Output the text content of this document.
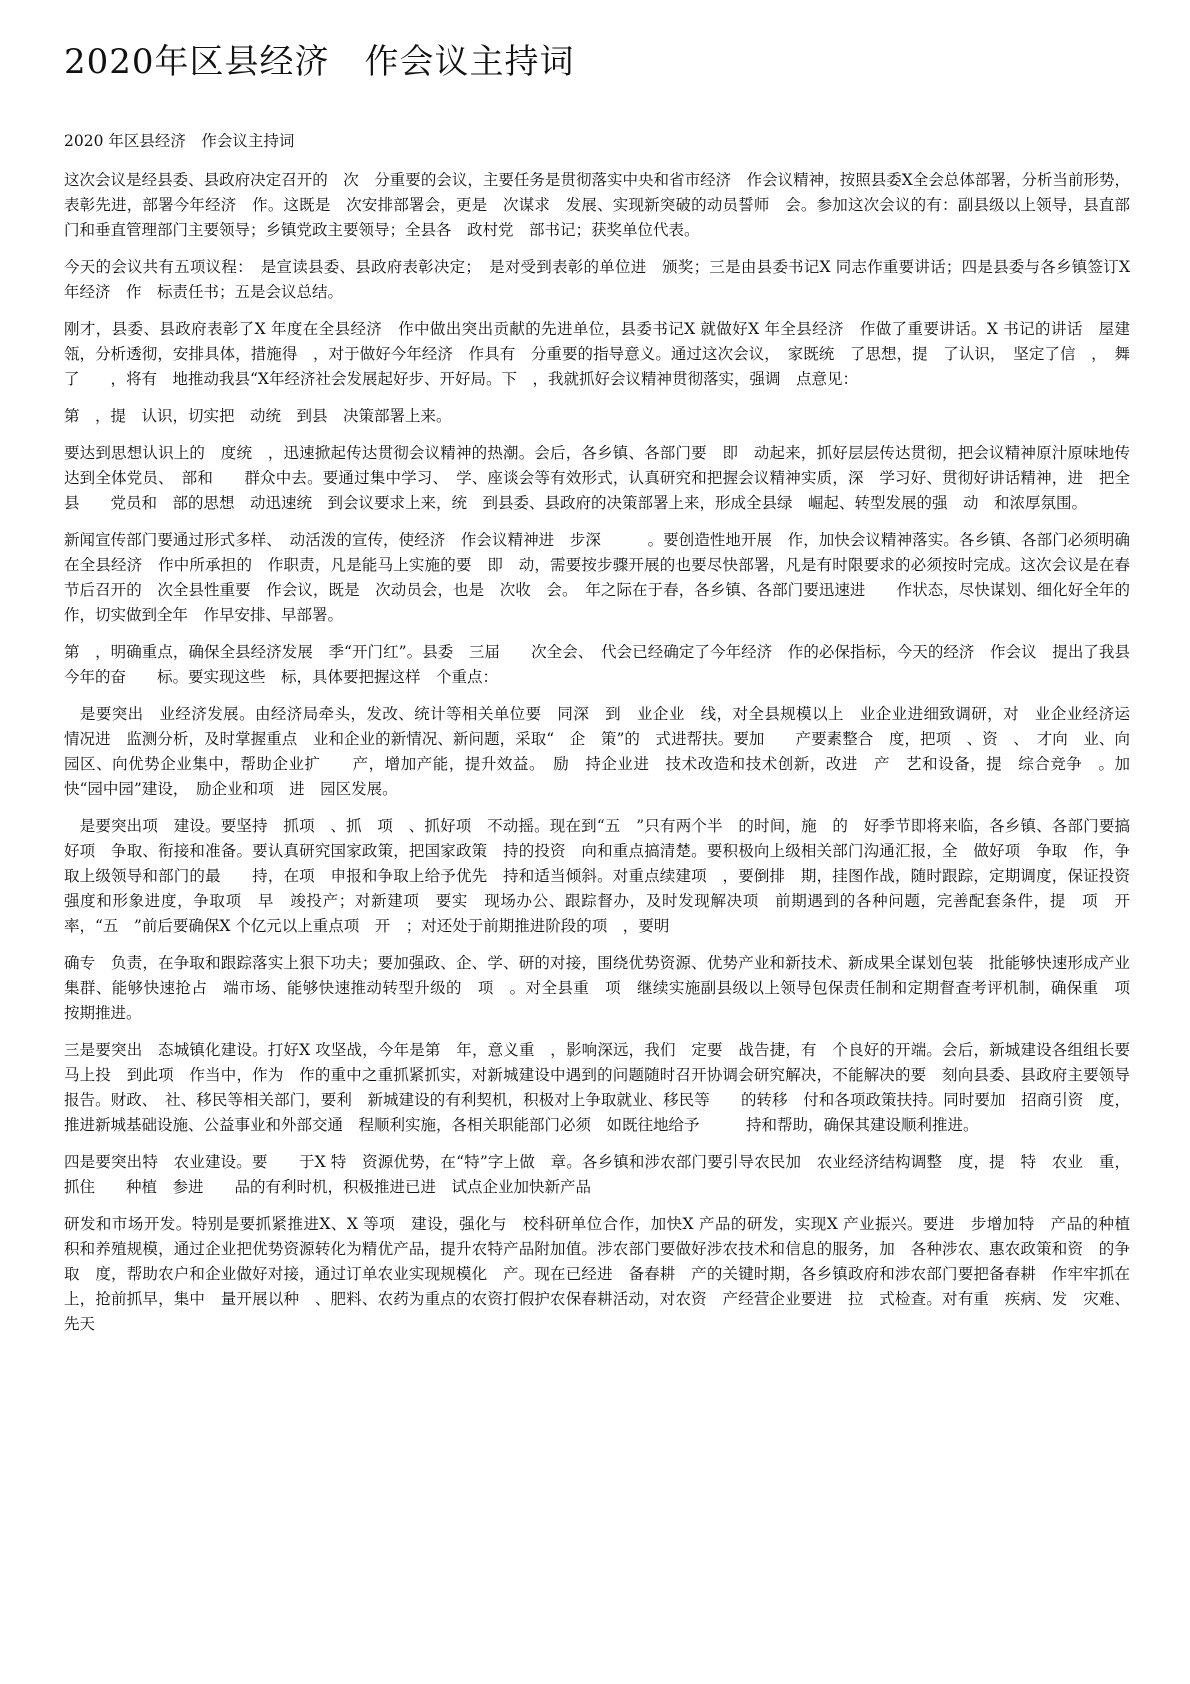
2020年区县经济　作会议主持词

2020 年区县经济　作会议主持词

这次会议是经县委、县政府决定召开的　次　分重要的会议，主要任务是贯彻落实中央和省市经济　作会议精神，按照县委X全会总体部署，分析当前形势，表彰先进，部署今年经济　作。这既是　次安排部署会，更是　次谋求　发展、实现新突破的动员誓师　会。参加这次会议的有：副县级以上领导，县直部门和垂直管理部门主要领导；乡镇党政主要领导；全县各　政村党　部书记；获奖单位代表。

今天的会议共有五项议程：　是宣读县委、县政府表彰决定；　是对受到表彰的单位进　颁奖；三是由县委书记X 同志作重要讲话；四是县委与各乡镇签订X 年经济　作　标责任书；五是会议总结。

刚才，县委、县政府表彰了X 年度在全县经济　作中做出突出贡献的先进单位，县委书记X 就做好X 年全县经济　作做了重要讲话。X 书记的讲话　屋建瓴，分析透彻，安排具体，措施得　，对于做好今年经济　作具有　分重要的指导意义。通过这次会议，　家既统　了思想，提　了认识，　坚定了信　，　舞了　　，将有　地推动我县“X年经济社会发展起好步、开好局。下　，我就抓好会议精神贯彻落实，强调　点意见：

第　，提　认识，切实把　动统　到县　决策部署上来。

要达到思想认识上的　度统　，迅速掀起传达贯彻会议精神的热潮。会后，各乡镇、各部门要　即　动起来，抓好层层传达贯彻，把会议精神原汁原味地传达到全体党员、　部和　　群众中去。要通过集中学习、　学、座谈会等有效形式，认真研究和把握会议精神实质，深　学习好、贯彻好讲话精神，进　把全县　　党员和　部的思想　动迅速统　到会议要求上来，统　到县委、县政府的决策部署上来，形成全县绿　崛起、转型发展的强　动　和浓厚氛围。

新闻宣传部门要通过形式多样、　动活泼的宣传，使经济　作会议精神进　步深　　　。要创造性地开展　作，加快会议精神落实。各乡镇、各部门必须明确　　在全县经济　作中所承担的　作职责，凡是能马上实施的要　即　动，需要按步骤开展的也要尽快部署，凡是有时限要求的必须按时完成。这次会议是在春节后召开的　次全县性重要　作会议，既是　次动员会，也是　次收　会。　年之际在于春，各乡镇、各部门要迅速进　　作状态，尽快谋划、细化好全年的　作，切实做到全年　作早安排、早部署。

第　，明确重点，确保全县经济发展　季“开门红”。县委　三届　　次全会、　代会已经确定了今年经济　作的必保指标，今天的经济　作会议　提出了我县今年的奋　　标。要实现这些　标，具体要把握这样　个重点：

　是要突出　业经济发展。由经济局牵头，发改、统计等相关单位要　同深　到　业企业　线，对全县规模以上　业企业进细致调研，对　业企业经济运　情况进　监测分析，及时掌握重点　业和企业的新情况、新问题，采取“　企　策”的　式进帮扶。要加　　产要素整合　度，把项　、资　、　才向　业、向园区、向优势企业集中，帮助企业扩　　产，增加产能，提升效益。　励　持企业进　技术改造和技术创新，改进　产　艺和设备，提　综合竞争　。加快“园中园”建设，　励企业和项　进　园区发展。

　是要突出项　建设。要坚持　抓项　、抓　项　、抓好项　不动摇。现在到“五　”只有两个半　的时间，施　的　好季节即将来临，各乡镇、各部门要搞好项　争取、衔接和准备。要认真研究国家政策，把国家政策　持的投资　向和重点搞清楚。要积极向上级相关部门沟通汇报，全　做好项　争取　作，争取上级领导和部门的最　　持，在项　申报和争取上给予优先　持和适当倾斜。对重点续建项　，要倒排　期，挂图作战，随时跟踪，定期调度，保证投资强度和形象进度，争取项　早　竣投产；对新建项　要实　现场办公、跟踪督办，及时发现解决项　前期遇到的各种问题，完善配套条件，提　项　开　率，“五　”前后要确保X 个亿元以上重点项　开　；对还处于前期推进阶段的项　，要明

确专　负责，在争取和跟踪落实上狠下功夫；要加强政、企、学、研的对接，围绕优势资源、优势产业和新技术、新成果全谋划包装　批能够快速形成产业集群、能够快速抢占　端市场、能够快速推动转型升级的　项　。对全县重　项　继续实施副县级以上领导包保责任制和定期督查考评机制，确保重　项　按期推进。

三是要突出　态城镇化建设。打好X 攻坚战，今年是第　年，意义重　，影响深远，我们　定要　战告捷，有　个良好的开端。会后，新城建设各组组长要马上投　到此项　作当中，作为　作的重中之重抓紧抓实，对新城建设中遇到的问题随时召开协调会研究解决，不能解决的要　刻向县委、县政府主要领导报告。财政、　社、移民等相关部门，要利　新城建设的有利契机，积极对上争取就业、移民等　　的转移　付和各项政策扶持。同时要加　招商引资　度，推进新城基础设施、公益事业和外部交通　程顺利实施，各相关职能部门必须　如既往地给予　　　持和帮助，确保其建设顺利推进。

四是要突出特　农业建设。要　　于X 特　资源优势，在“特”字上做　章。各乡镇和涉农部门要引导农民加　农业经济结构调整　度，提　特　农业　重，抓住　　种植　参进　　品的有利时机，积极推进已进　试点企业加快新产品

研发和市场开发。特别是要抓紧推进X、X 等项　建设，强化与　校科研单位合作，加快X 产品的研发，实现X 产业振兴。要进　步增加特　产品的种植　积和养殖规模，通过企业把优势资源转化为精优产品，提升农特产品附加值。涉农部门要做好涉农技术和信息的服务，加　各种涉农、惠农政策和资　的争取　度，帮助农户和企业做好对接，通过订单农业实现规模化　产。现在已经进　备春耕　产的关键时期，各乡镇政府和涉农部门要把备春耕　作牢牢抓在　上，抢前抓早，集中　量开展以种　、肥料、农药为重点的农资打假护农保春耕活动，对农资　产经营企业要进　拉　式检查。对有重　疾病、发　灾难、先天
